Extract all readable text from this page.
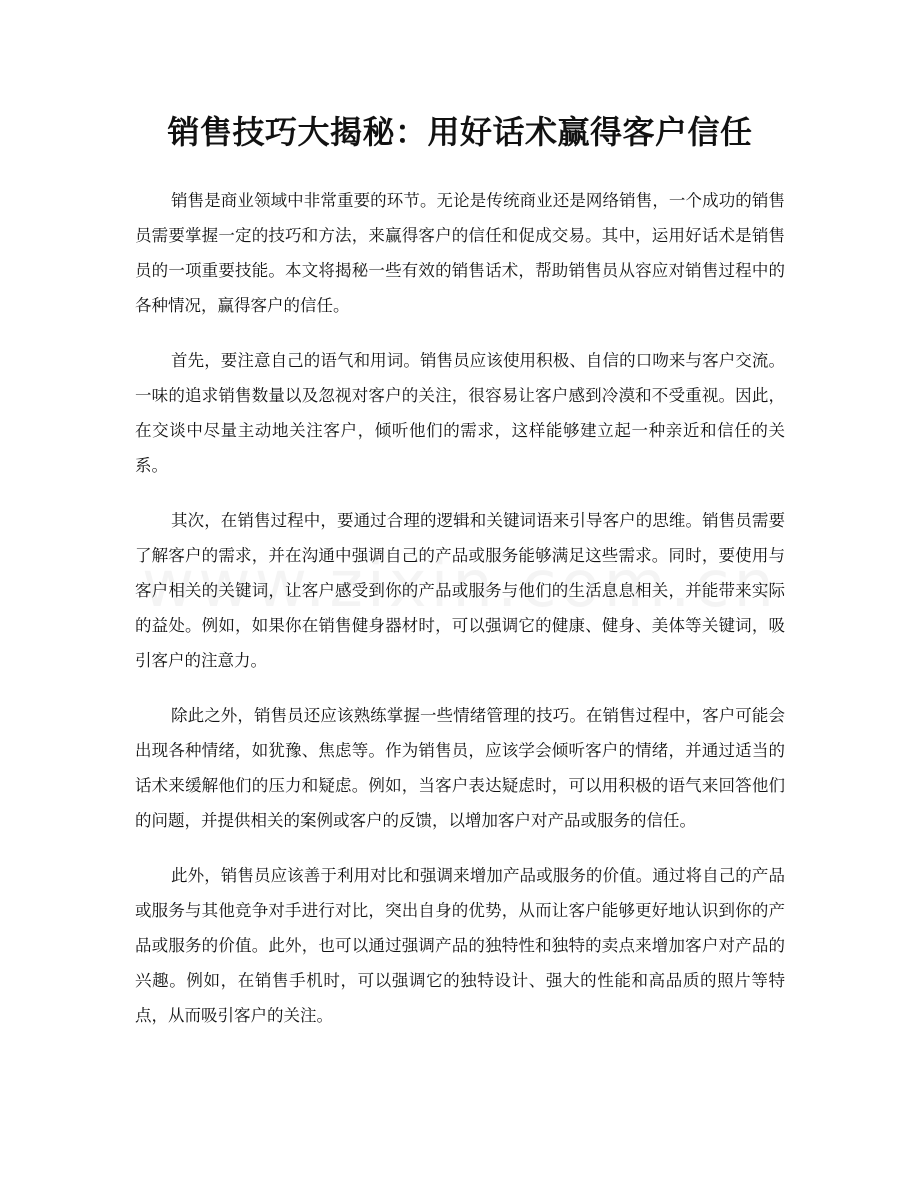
销售技巧大揭秘：用好话术赢得客户信任

销售是商业领域中非常重要的环节。无论是传统商业还是网络销售，一个成功的销售员需要掌握一定的技巧和方法，来赢得客户的信任和促成交易。其中，运用好话术是销售员的一项重要技能。本文将揭秘一些有效的销售话术，帮助销售员从容应对销售过程中的各种情况，赢得客户的信任。

首先，要注意自己的语气和用词。销售员应该使用积极、自信的口吻来与客户交流。一味的追求销售数量以及忽视对客户的关注，很容易让客户感到冷漠和不受重视。因此，在交谈中尽量主动地关注客户，倾听他们的需求，这样能够建立起一种亲近和信任的关系。

其次，在销售过程中，要通过合理的逻辑和关键词语来引导客户的思维。销售员需要了解客户的需求，并在沟通中强调自己的产品或服务能够满足这些需求。同时，要使用与客户相关的关键词，让客户感受到你的产品或服务与他们的生活息息相关，并能带来实际的益处。例如，如果你在销售健身器材时，可以强调它的健康、健身、美体等关键词，吸引客户的注意力。

除此之外，销售员还应该熟练掌握一些情绪管理的技巧。在销售过程中，客户可能会出现各种情绪，如犹豫、焦虑等。作为销售员，应该学会倾听客户的情绪，并通过适当的话术来缓解他们的压力和疑虑。例如，当客户表达疑虑时，可以用积极的语气来回答他们的问题，并提供相关的案例或客户的反馈，以增加客户对产品或服务的信任。

此外，销售员应该善于利用对比和强调来增加产品或服务的价值。通过将自己的产品或服务与其他竞争对手进行对比，突出自身的优势，从而让客户能够更好地认识到你的产品或服务的价值。此外，也可以通过强调产品的独特性和独特的卖点来增加客户对产品的兴趣。例如，在销售手机时，可以强调它的独特设计、强大的性能和高品质的照片等特点，从而吸引客户的关注。
